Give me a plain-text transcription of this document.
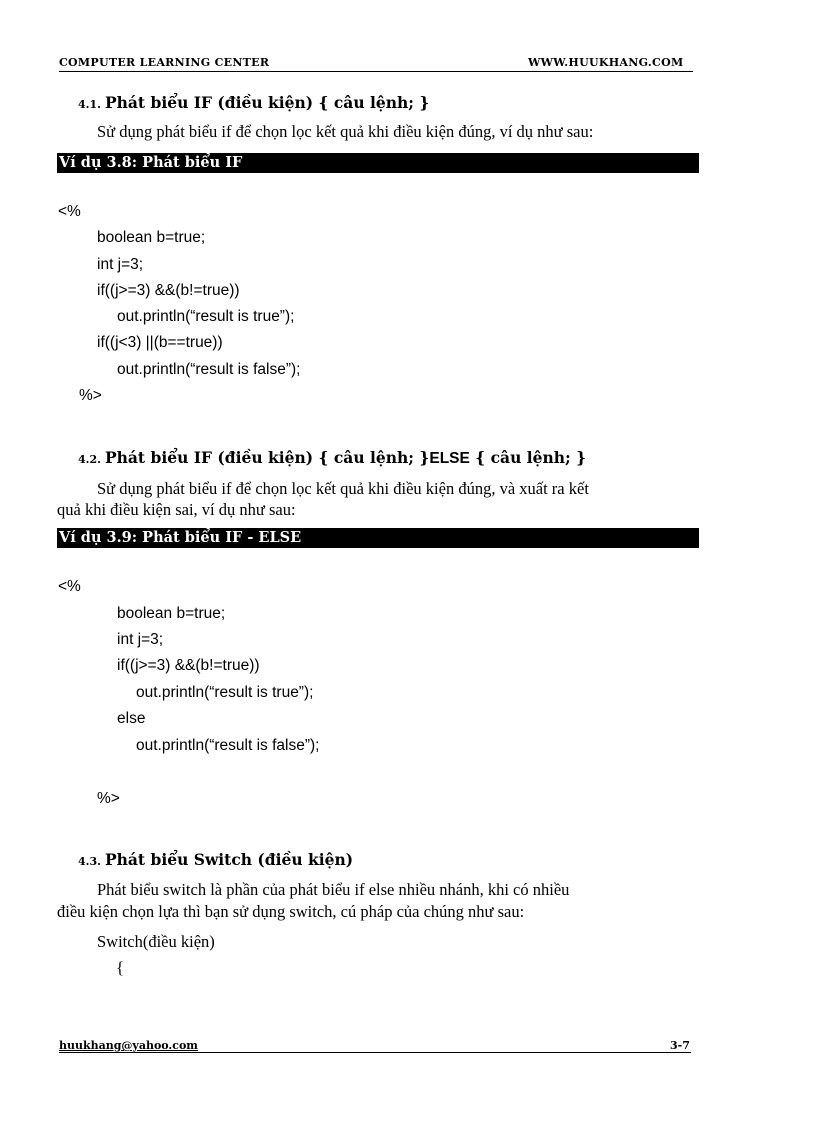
COMPUTER LEARNING CENTER	WWW.HUUKHANG.COM
4.1. Phát biểu IF (điều kiện) { câu lệnh; }
Sử dụng phát biểu if để chọn lọc kết quả khi điều kiện đúng, ví dụ như sau:
Ví dụ 3.8: Phát biểu IF
<%
boolean b=true;
int j=3;
if((j>=3) &&(b!=true))
out.println(“result is true”);
if((j<3) ||(b==true))
out.println(“result is false”);
%>
4.2. Phát biểu IF (điều kiện) { câu lệnh; }ELSE { câu lệnh; }
Sử dụng phát biểu if để chọn lọc kết quả khi điều kiện đúng, và xuất ra kết
quả khi điều kiện sai, ví dụ như sau:
Ví dụ 3.9: Phát biểu IF - ELSE
<%
boolean b=true;
int j=3;
if((j>=3) &&(b!=true))
out.println(“result is true”);
else
out.println(“result is false”);
%>
4.3. Phát biểu Switch (điều kiện)
Phát biểu switch là phần của phát biểu if else nhiều nhánh, khi có nhiều
điều kiện chọn lựa thì bạn sử dụng switch, cú pháp của chúng như sau:
Switch(điều kiện)
{
huukhang@yahoo.com	3-7
